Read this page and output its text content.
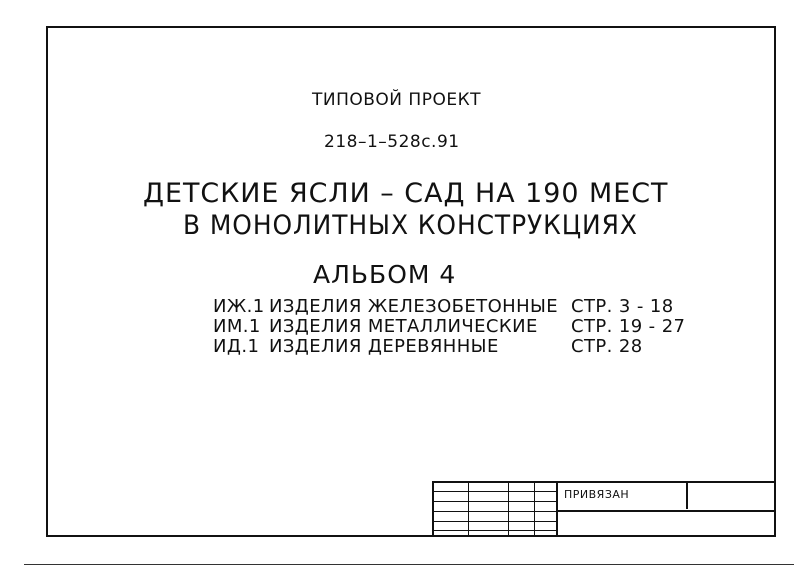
ТИПОВОЙ ПРОЕКТ
218–1–528с.91
ДЕТСКИЕ ЯСЛИ – САД НА 190 МЕСТ
В МОНОЛИТНЫХ КОНСТРУКЦИЯХ
АЛЬБОМ 4
ИЖ.1 ИЗДЕЛИЯ ЖЕЛЕЗОБЕТОННЫЕ СТР. 3 - 18
ИМ.1 ИЗДЕЛИЯ МЕТАЛЛИЧЕСКИЕ СТР. 19 - 27
ИД.1 ИЗДЕЛИЯ ДЕРЕВЯННЫЕ	СТР. 28
ПРИВЯЗАН
